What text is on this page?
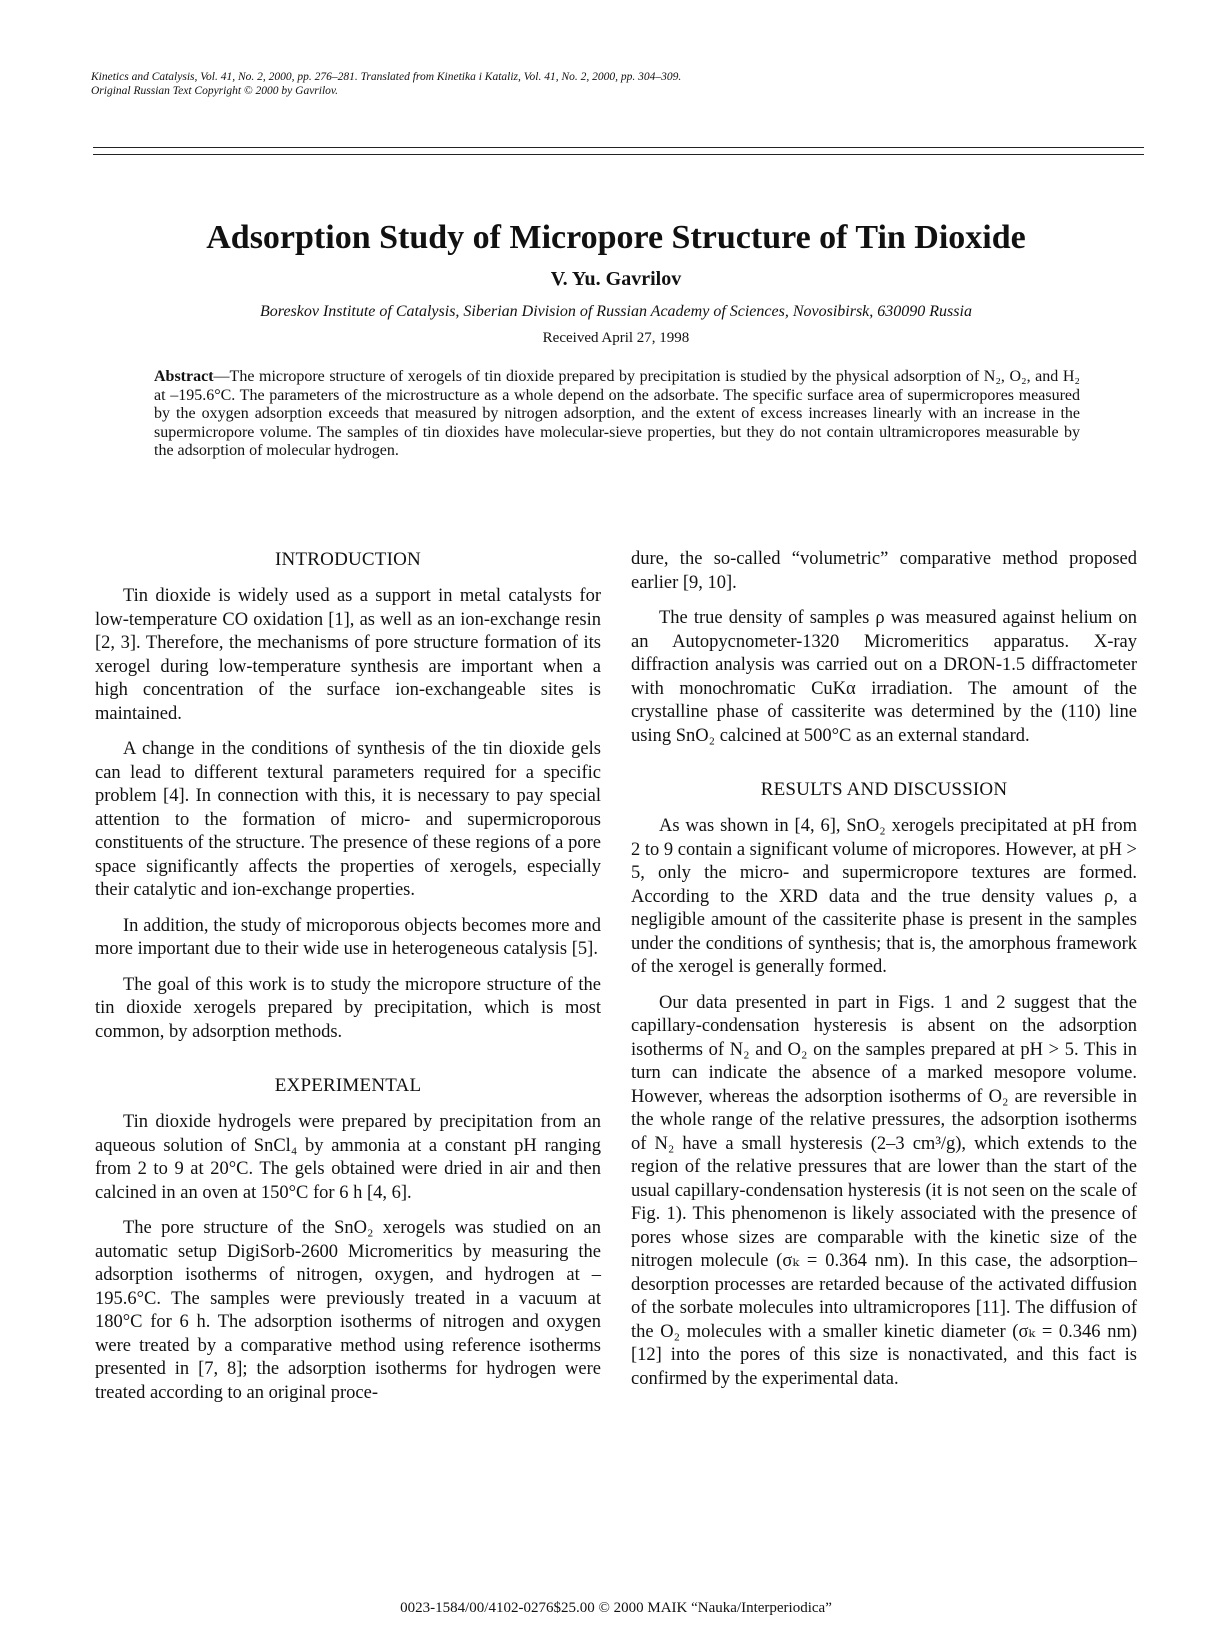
Kinetics and Catalysis, Vol. 41, No. 2, 2000, pp. 276–281. Translated from Kinetika i Kataliz, Vol. 41, No. 2, 2000, pp. 304–309.
Original Russian Text Copyright © 2000 by Gavrilov.
Adsorption Study of Micropore Structure of Tin Dioxide
V. Yu. Gavrilov
Boreskov Institute of Catalysis, Siberian Division of Russian Academy of Sciences, Novosibirsk, 630090 Russia
Received April 27, 1998
Abstract—The micropore structure of xerogels of tin dioxide prepared by precipitation is studied by the physical adsorption of N₂, O₂, and H₂ at –195.6°C. The parameters of the microstructure as a whole depend on the adsorbate. The specific surface area of supermicropores measured by the oxygen adsorption exceeds that measured by nitrogen adsorption, and the extent of excess increases linearly with an increase in the supermicropore volume. The samples of tin dioxides have molecular-sieve properties, but they do not contain ultramicropores measurable by the adsorption of molecular hydrogen.
INTRODUCTION

Tin dioxide is widely used as a support in metal catalysts for low-temperature CO oxidation [1], as well as an ion-exchange resin [2, 3]. Therefore, the mechanisms of pore structure formation of its xerogel during low-temperature synthesis are important when a high concentration of the surface ion-exchangeable sites is maintained.

A change in the conditions of synthesis of the tin dioxide gels can lead to different textural parameters required for a specific problem [4]. In connection with this, it is necessary to pay special attention to the formation of micro- and supermicroporous constituents of the structure. The presence of these regions of a pore space significantly affects the properties of xerogels, especially their catalytic and ion-exchange properties.

In addition, the study of microporous objects becomes more and more important due to their wide use in heterogeneous catalysis [5].

The goal of this work is to study the micropore structure of the tin dioxide xerogels prepared by precipitation, which is most common, by adsorption methods.

EXPERIMENTAL

Tin dioxide hydrogels were prepared by precipitation from an aqueous solution of SnCl₄ by ammonia at a constant pH ranging from 2 to 9 at 20°C. The gels obtained were dried in air and then calcined in an oven at 150°C for 6 h [4, 6].

The pore structure of the SnO₂ xerogels was studied on an automatic setup DigiSorb-2600 Micromeritics by measuring the adsorption isotherms of nitrogen, oxygen, and hydrogen at –195.6°C. The samples were previously treated in a vacuum at 180°C for 6 h. The adsorption isotherms of nitrogen and oxygen were treated by a comparative method using reference isotherms presented in [7, 8]; the adsorption isotherms for hydrogen were treated according to an original proce-

dure, the so-called “volumetric” comparative method proposed earlier [9, 10].

The true density of samples ρ was measured against helium on an Autopycnometer-1320 Micromeritics apparatus. X-ray diffraction analysis was carried out on a DRON-1.5 diffractometer with monochromatic CuKα irradiation. The amount of the crystalline phase of cassiterite was determined by the (110) line using SnO₂ calcined at 500°C as an external standard.

RESULTS AND DISCUSSION

As was shown in [4, 6], SnO₂ xerogels precipitated at pH from 2 to 9 contain a significant volume of micropores. However, at pH > 5, only the micro- and supermicropore textures are formed. According to the XRD data and the true density values ρ, a negligible amount of the cassiterite phase is present in the samples under the conditions of synthesis; that is, the amorphous framework of the xerogel is generally formed.

Our data presented in part in Figs. 1 and 2 suggest that the capillary-condensation hysteresis is absent on the adsorption isotherms of N₂ and O₂ on the samples prepared at pH > 5. This in turn can indicate the absence of a marked mesopore volume. However, whereas the adsorption isotherms of O₂ are reversible in the whole range of the relative pressures, the adsorption isotherms of N₂ have a small hysteresis (2–3 cm³/g), which extends to the region of the relative pressures that are lower than the start of the usual capillary-condensation hysteresis (it is not seen on the scale of Fig. 1). This phenomenon is likely associated with the presence of pores whose sizes are comparable with the kinetic size of the nitrogen molecule (σₖ = 0.364 nm). In this case, the adsorption–desorption processes are retarded because of the activated diffusion of the sorbate molecules into ultramicropores [11]. The diffusion of the O₂ molecules with a smaller kinetic diameter (σₖ = 0.346 nm) [12] into the pores of this size is nonactivated, and this fact is confirmed by the experimental data.

0023-1584/00/4102-0276$25.00 © 2000 MAIK “Nauka/Interperiodica”
